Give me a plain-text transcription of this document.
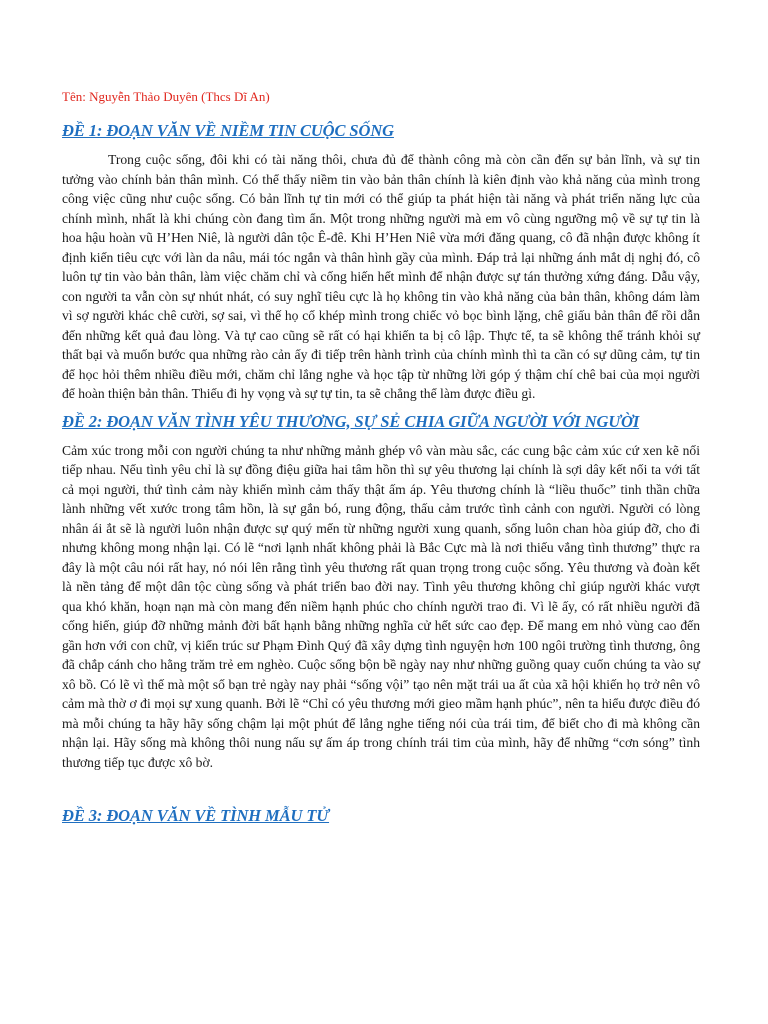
Tên: Nguyễn Thảo Duyên (Thcs Dĩ An)

ĐỀ 1: ĐOẠN VĂN VỀ NIỀM TIN CUỘC SỐNG

Trong cuộc sống, đôi khi có tài năng thôi, chưa đủ để thành công mà còn cần đến sự bản lĩnh, và sự tin tưởng vào chính bản thân mình. Có thể thấy niềm tin vào bản thân chính là kiên định vào khả năng của mình trong công việc cũng như cuộc sống. Có bản lĩnh tự tin mới có thể giúp ta phát hiện tài năng và phát triển năng lực của chính mình, nhất là khi chúng còn đang tìm ẩn. Một trong những người mà em vô cùng ngưỡng mộ về sự tự tin là hoa hậu hoàn vũ H’Hen Niê, là người dân tộc Ê-đê. Khi H’Hen Niê vừa mới đăng quang, cô đã nhận được không ít định kiến tiêu cực với làn da nâu, mái tóc ngắn và thân hình gầy của mình. Đáp trả lại những ánh mắt dị nghị đó, cô luôn tự tin vào bản thân, làm việc chăm chỉ và cống hiến hết mình để nhận được sự tán thưởng xứng đáng. Dẫu vậy, con người ta vẫn còn sự nhút nhát, có suy nghĩ tiêu cực là họ không tin vào khả năng của bản thân, không dám làm vì sợ người khác chê cười, sợ sai, vì thế họ cố khép mình trong chiếc vỏ bọc bình lặng, chê giấu bản thân để rồi dẫn đến những kết quả đau lòng. Và tự cao cũng sẽ rất có hại khiến ta bị cô lập. Thực tế, ta sẽ không thể tránh khỏi sự thất bại và muốn bước qua những rào cản ấy đi tiếp trên hành trình của chính mình thì ta cần có sự dũng cảm, tự tin để học hỏi thêm nhiều điều mới, chăm chỉ lắng nghe và học tập từ những lời góp ý thậm chí chê bai của mọi người để hoàn thiện bản thân. Thiếu đi hy vọng và sự tự tin, ta sẽ chẳng thể làm được điều gì.

ĐỀ 2: ĐOẠN VĂN TÌNH YÊU THƯƠNG, SỰ SẺ CHIA GIỮA NGƯỜI VỚI NGƯỜI

Cảm xúc trong mỗi con người chúng ta như những mảnh ghép vô vàn màu sắc, các cung bậc cảm xúc cứ xen kẽ nối tiếp nhau. Nếu tình yêu chỉ là sự đồng điệu giữa hai tâm hồn thì sự yêu thương lại chính là sợi dây kết nối ta với tất cả mọi người, thứ tình cảm này khiến mình cảm thấy thật ấm áp. Yêu thương chính là “liều thuốc” tinh thần chữa lành những vết xước trong tâm hồn, là sự gắn bó, rung động, thấu cảm trước tình cảnh con người. Người có lòng nhân ái ắt sẽ là người luôn nhận được sự quý mến từ những người xung quanh, sống luôn chan hòa giúp đỡ, cho đi nhưng không mong nhận lại. Có lẽ “nơi lạnh nhất không phải là Bắc Cực mà là nơi thiếu vắng tình thương” thực ra đây là một câu nói rất hay, nó nói lên rằng tình yêu thương rất quan trọng trong cuộc sống. Yêu thương và đoàn kết là nền tảng để một dân tộc cùng sống và phát triển bao đời nay. Tình yêu thương không chỉ giúp người khác vượt qua khó khăn, hoạn nạn mà còn mang đến niềm hạnh phúc cho chính người trao đi. Vì lẽ ấy, có rất nhiều người đã cống hiến, giúp đỡ những mảnh đời bất hạnh bằng những nghĩa cử hết sức cao đẹp. Để mang em nhỏ vùng cao đến gần hơn với con chữ, vị kiến trúc sư Phạm Đình Quý đã xây dựng tình nguyện hơn 100 ngôi trường tình thương, ông đã chắp cánh cho hằng trăm trẻ em nghèo. Cuộc sống bộn bề ngày nay như những guồng quay cuốn chúng ta vào sự xô bồ. Có lẽ vì thế mà một số bạn trẻ ngày nay phải “sống vội” tạo nên mặt trái ua ất của xã hội khiến họ trở nên vô cảm mà thờ ơ đi mọi sự xung quanh. Bởi lẽ “Chỉ có yêu thương mới gieo mầm hạnh phúc”, nên ta hiểu được điều đó mà mỗi chúng ta hãy hãy sống chậm lại một phút để lắng nghe tiếng nói của trái tim, để biết cho đi mà không cần nhận lại. Hãy sống mà không thôi nung nấu sự ấm áp trong chính trái tim của mình, hãy để những “cơn sóng” tình thương tiếp tục được xô bờ.

ĐỀ 3: ĐOẠN VĂN VỀ TÌNH MẪU TỬ
